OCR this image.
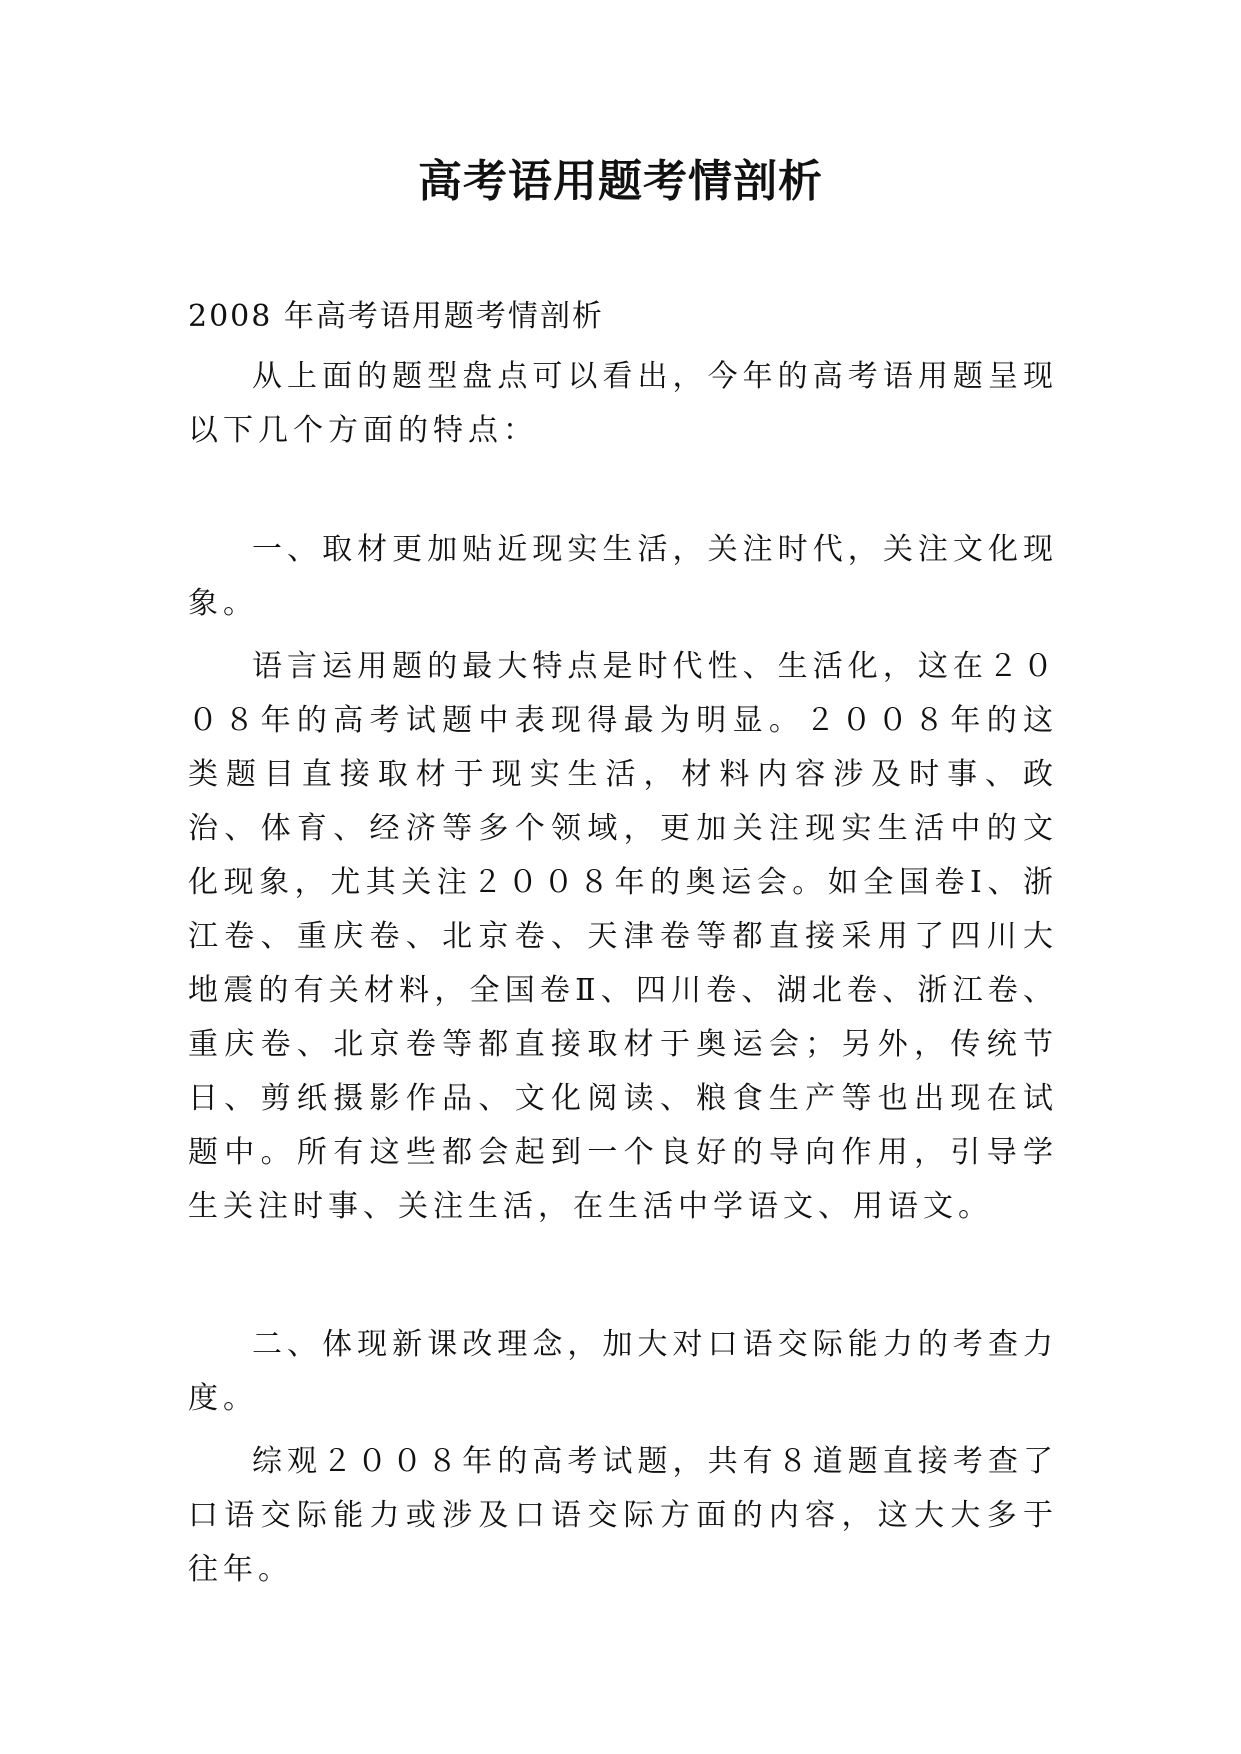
高考语用题考情剖析

2008 年高考语用题考情剖析

从上面的题型盘点可以看出，今年的高考语用题呈现以下几个方面的特点：

一、取材更加贴近现实生活，关注时代，关注文化现象。

语言运用题的最大特点是时代性、生活化，这在２００８年的高考试题中表现得最为明显。２００８年的这类题目直接取材于现实生活，材料内容涉及时事、政治、体育、经济等多个领域，更加关注现实生活中的文化现象，尤其关注２００８年的奥运会。如全国卷Ⅰ、浙江卷、重庆卷、北京卷、天津卷等都直接采用了四川大地震的有关材料，全国卷Ⅱ、四川卷、湖北卷、浙江卷、重庆卷、北京卷等都直接取材于奥运会；另外，传统节日、剪纸摄影作品、文化阅读、粮食生产等也出现在试题中。所有这些都会起到一个良好的导向作用，引导学生关注时事、关注生活，在生活中学语文、用语文。

二、体现新课改理念，加大对口语交际能力的考查力度。

综观２００８年的高考试题，共有８道题直接考查了口语交际能力或涉及口语交际方面的内容，这大大多于往年。
